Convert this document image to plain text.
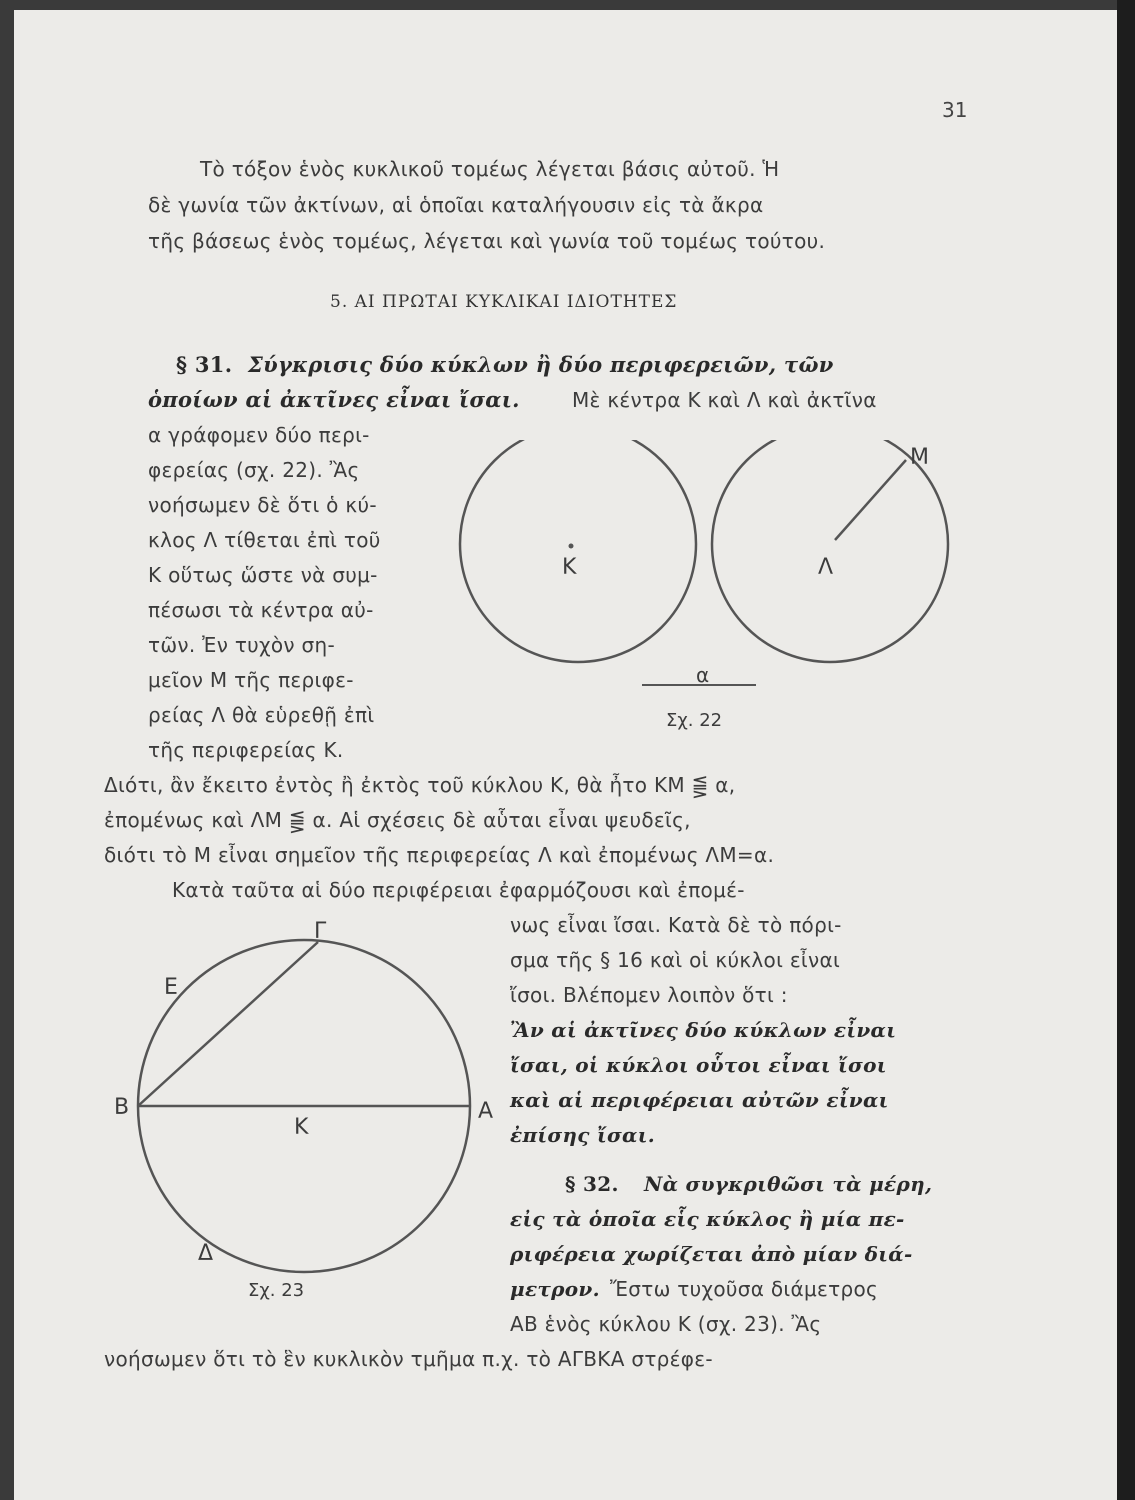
31
Τὸ τόξον ἑνὸς κυκλικοῦ τομέως λέγεται βάσις αὐτοῦ. Ἡ
δὲ γωνία τῶν ἀκτίνων, αἱ ὁποῖαι καταλήγουσιν εἰς τὰ ἄκρα
τῆς βάσεως ἑνὸς τομέως, λέγεται καὶ γωνία τοῦ τομέως τούτου.
5. ΑΙ ΠΡΩΤΑΙ ΚΥΚΛΙΚΑΙ ΙΔΙΟΤΗΤΕΣ
§ 31. Σύγκρισις δύο κύκλων ἢ δύο περιφερειῶν, τῶν
ὁποίων αἱ ἀκτῖνες εἶναι ἴσαι.	Μὲ κέντρα Κ καὶ Λ καὶ ἀκτῖνα
α γράφομεν δύο περι-
φερείας (σχ. 22). Ἂς
νοήσωμεν δὲ ὅτι ὁ κύ-
κλος Λ τίθεται ἐπὶ τοῦ
Κ οὕτως ὥστε νὰ συμ-
πέσωσι τὰ κέντρα αὐ-
τῶν. Ἐν τυχὸν ση-
μεῖον Μ τῆς περιφε-
ρείας Λ θὰ εὑρεθῇ ἐπὶ
τῆς περιφερείας Κ.
Διότι, ἂν ἔκειτο ἐντὸς ἢ ἐκτὸς τοῦ κύκλου Κ, θὰ ἦτο ΚΜ ⪋ α,
ἐπομένως καὶ ΛΜ ⪋ α. Αἱ σχέσεις δὲ αὗται εἶναι ψευδεῖς,
διότι τὸ Μ εἶναι σημεῖον τῆς περιφερείας Λ καὶ ἐπομένως ΛΜ=α.
Κατὰ ταῦτα αἱ δύο περιφέρειαι ἐφαρμόζουσι καὶ ἐπομέ-
νως εἶναι ἴσαι. Κατὰ δὲ τὸ πόρι-
σμα τῆς § 16 καὶ οἱ κύκλοι εἶναι
ἴσοι. Βλέπομεν λοιπὸν ὅτι :
Ἂν αἱ ἀκτῖνες δύο κύκλων εἶναι
ἴσαι, οἱ κύκλοι οὗτοι εἶναι ἴσοι
καὶ αἱ περιφέρειαι αὐτῶν εἶναι
ἐπίσης ἴσαι.
§ 32. Νὰ συγκριθῶσι τὰ μέρη,
εἰς τὰ ὁποῖα εἷς κύκλος ἢ μία πε-
ριφέρεια χωρίζεται ἀπὸ μίαν διά-
μετρον. Ἔστω τυχοῦσα διάμετρος
ΑΒ ἑνὸς κύκλου Κ (σχ. 23). Ἂς
νοήσωμεν ὅτι τὸ ἓν κυκλικὸν τμῆμα π.χ. τὸ ΑΓΒΚΑ στρέφε-
Κ	Λ
Μ
α
Σχ. 22
Γ
Ε
Β	Α
Κ
Δ
Σχ. 23
